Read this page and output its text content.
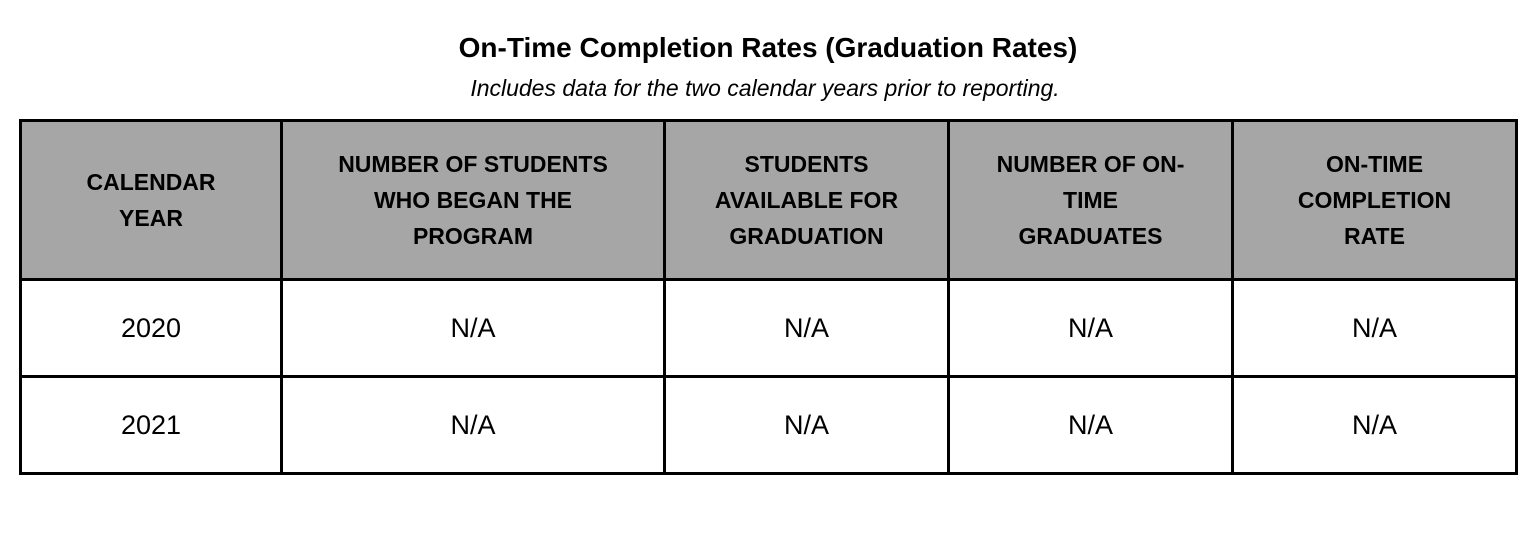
On-Time Completion Rates (Graduation Rates)
Includes data for the two calendar years prior to reporting.
CALENDAR YEAR	NUMBER OF STUDENTS WHO BEGAN THE PROGRAM	STUDENTS AVAILABLE FOR GRADUATION	NUMBER OF ON-TIME GRADUATES	ON-TIME COMPLETION RATE
2020	N/A	N/A	N/A	N/A
2021	N/A	N/A	N/A	N/A
